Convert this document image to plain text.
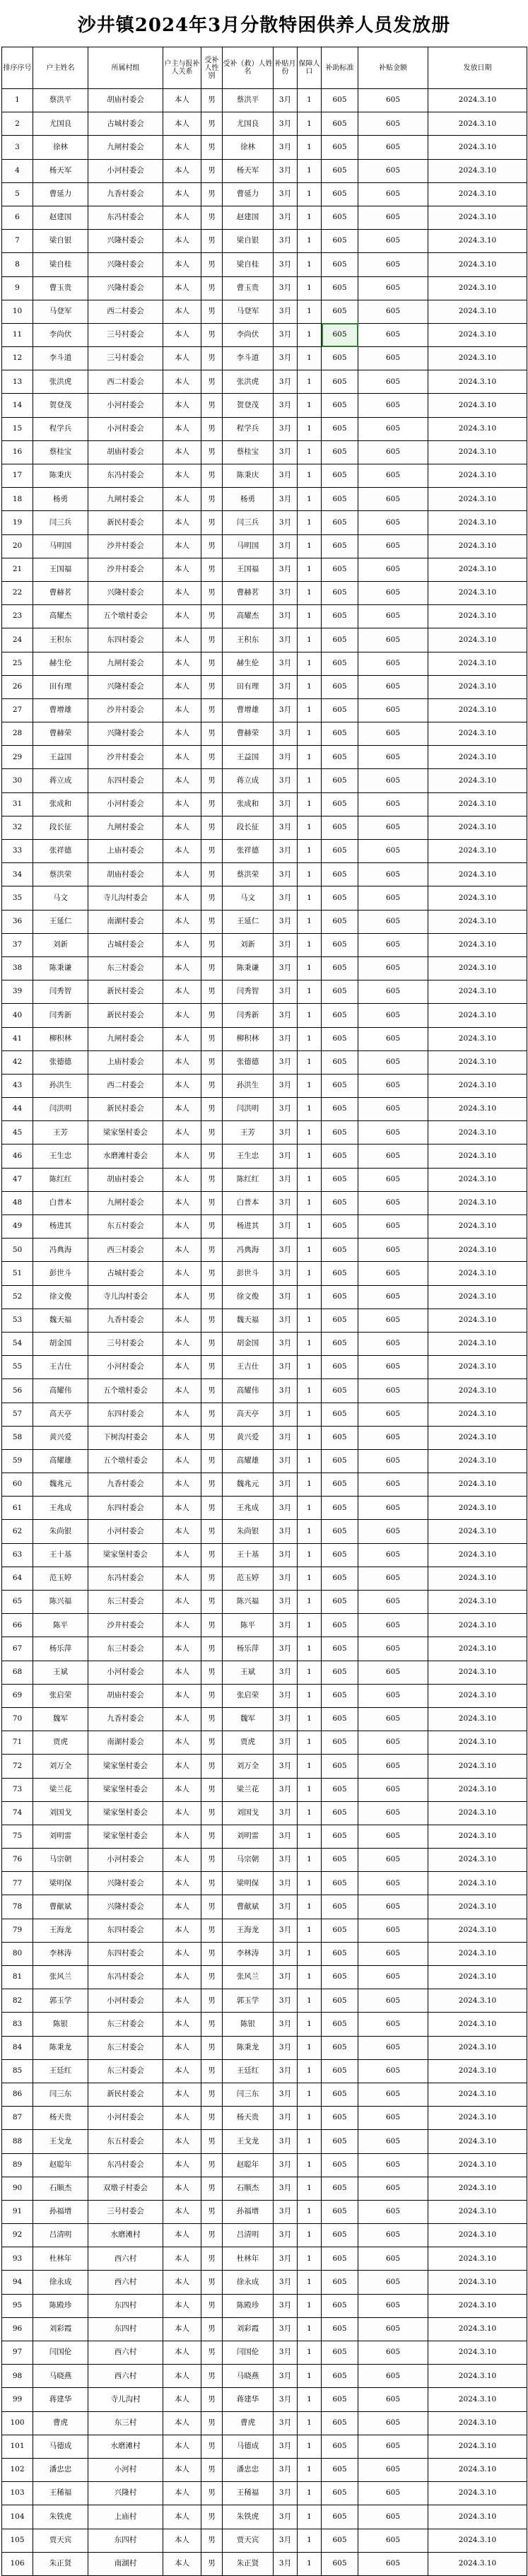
沙井镇2024年3月分散特困供养人员发放册
排序序号	户主姓名	所属村组	户主与报补人关系	受补人性别	受补（救）人姓名	补贴月份	保障人口	补助标准	补贴金额	发放日期
1	蔡洪平	胡庙村委会	本人	男	蔡洪平	3月	1	605	605	2024.3.10
2	尤国良	古城村委会	本人	男	尤国良	3月	1	605	605	2024.3.10
3	徐林	九闸村委会	本人	男	徐林	3月	1	605	605	2024.3.10
4	杨天军	小河村委会	本人	男	杨天军	3月	1	605	605	2024.3.10
5	曹延力	九香村委会	本人	男	曹延力	3月	1	605	605	2024.3.10
6	赵建国	东冯村委会	本人	男	赵建国	3月	1	605	605	2024.3.10
7	梁自银	兴隆村委会	本人	男	梁自银	3月	1	605	605	2024.3.10
8	梁自桂	兴隆村委会	本人	男	梁自桂	3月	1	605	605	2024.3.10
9	曹玉贵	兴隆村委会	本人	男	曹玉贵	3月	1	605	605	2024.3.10
10	马登军	西二村委会	本人	男	马登军	3月	1	605	605	2024.3.10
11	李尚伏	三号村委会	本人	男	李尚伏	3月	1	605	605	2024.3.10
12	李斗道	三号村委会	本人	男	李斗道	3月	1	605	605	2024.3.10
13	张洪虎	西二村委会	本人	男	张洪虎	3月	1	605	605	2024.3.10
14	贺登茂	小河村委会	本人	男	贺登茂	3月	1	605	605	2024.3.10
15	程学兵	小河村委会	本人	男	程学兵	3月	1	605	605	2024.3.10
16	蔡桂宝	胡庙村委会	本人	男	蔡桂宝	3月	1	605	605	2024.3.10
17	陈秉庆	东冯村委会	本人	男	陈秉庆	3月	1	605	605	2024.3.10
18	杨勇	九闸村委会	本人	男	杨勇	3月	1	605	605	2024.3.10
19	闫三兵	新民村委会	本人	男	闫三兵	3月	1	605	605	2024.3.10
20	马明国	沙井村委会	本人	男	马明国	3月	1	605	605	2024.3.10
21	王国福	沙井村委会	本人	男	王国福	3月	1	605	605	2024.3.10
22	曹赫茗	兴隆村委会	本人	男	曹赫茗	3月	1	605	605	2024.3.10
23	高耀杰	五个墩村委会	本人	男	高耀杰	3月	1	605	605	2024.3.10
24	王积东	东四村委会	本人	男	王积东	3月	1	605	605	2024.3.10
25	赫生伦	九闸村委会	本人	男	赫生伦	3月	1	605	605	2024.3.10
26	田有理	兴隆村委会	本人	男	田有理	3月	1	605	605	2024.3.10
27	曹增雄	沙井村委会	本人	男	曹增雄	3月	1	605	605	2024.3.10
28	曹赫荣	兴隆村委会	本人	男	曹赫荣	3月	1	605	605	2024.3.10
29	王益国	沙井村委会	本人	男	王益国	3月	1	605	605	2024.3.10
30	蒋立成	东四村委会	本人	男	蒋立成	3月	1	605	605	2024.3.10
31	张成和	小河村委会	本人	男	张成和	3月	1	605	605	2024.3.10
32	段长征	九闸村委会	本人	男	段长征	3月	1	605	605	2024.3.10
33	张祥德	上庙村委会	本人	男	张祥德	3月	1	605	605	2024.3.10
34	蔡洪荣	胡庙村委会	本人	男	蔡洪荣	3月	1	605	605	2024.3.10
35	马文	寺儿沟村委会	本人	男	马文	3月	1	605	605	2024.3.10
36	王延仁	南湖村委会	本人	男	王延仁	3月	1	605	605	2024.3.10
37	刘新	古城村委会	本人	男	刘新	3月	1	605	605	2024.3.10
38	陈秉谦	东三村委会	本人	男	陈秉谦	3月	1	605	605	2024.3.10
39	闫秀智	新民村委会	本人	男	闫秀智	3月	1	605	605	2024.3.10
40	闫秀新	新民村委会	本人	男	闫秀新	3月	1	605	605	2024.3.10
41	柳积林	九闸村委会	本人	男	柳积林	3月	1	605	605	2024.3.10
42	张德德	上庙村委会	本人	男	张德德	3月	1	605	605	2024.3.10
43	孙洪生	西二村委会	本人	男	孙洪生	3月	1	605	605	2024.3.10
44	闫洪明	新民村委会	本人	男	闫洪明	3月	1	605	605	2024.3.10
45	王芳	梁家堡村委会	本人	男	王芳	3月	1	605	605	2024.3.10
46	王生忠	水磨滩村委会	本人	男	王生忠	3月	1	605	605	2024.3.10
47	陈红红	胡庙村委会	本人	男	陈红红	3月	1	605	605	2024.3.10
48	白普本	九闸村委会	本人	男	白普本	3月	1	605	605	2024.3.10
49	杨进其	东五村委会	本人	男	杨进其	3月	1	605	605	2024.3.10
50	冯典海	西三村委会	本人	男	冯典海	3月	1	605	605	2024.3.10
51	彭世斗	古城村委会	本人	男	彭世斗	3月	1	605	605	2024.3.10
52	徐文俊	寺儿沟村委会	本人	男	徐文俊	3月	1	605	605	2024.3.10
53	魏天福	九香村委会	本人	男	魏天福	3月	1	605	605	2024.3.10
54	胡金国	三号村委会	本人	男	胡金国	3月	1	605	605	2024.3.10
55	王吉仕	小河村委会	本人	男	王吉仕	3月	1	605	605	2024.3.10
56	高耀伟	五个墩村委会	本人	男	高耀伟	3月	1	605	605	2024.3.10
57	高天亭	东四村委会	本人	男	高天亭	3月	1	605	605	2024.3.10
58	黄兴爱	下树沟村委会	本人	男	黄兴爱	3月	1	605	605	2024.3.10
59	高耀雄	五个墩村委会	本人	男	高耀雄	3月	1	605	605	2024.3.10
60	魏兆元	九香村委会	本人	男	魏兆元	3月	1	605	605	2024.3.10
61	王兆成	东四村委会	本人	男	王兆成	3月	1	605	605	2024.3.10
62	朱尚银	小河村委会	本人	男	朱尚银	3月	1	605	605	2024.3.10
63	王十基	梁家堡村委会	本人	男	王十基	3月	1	605	605	2024.3.10
64	范玉婷	东冯村委会	本人	男	范玉婷	3月	1	605	605	2024.3.10
65	陈兴福	东三村委会	本人	男	陈兴福	3月	1	605	605	2024.3.10
66	陈平	沙井村委会	本人	男	陈平	3月	1	605	605	2024.3.10
67	杨乐萍	东三村委会	本人	男	杨乐萍	3月	1	605	605	2024.3.10
68	王斌	小河村委会	本人	男	王斌	3月	1	605	605	2024.3.10
69	张启荣	胡庙村委会	本人	男	张启荣	3月	1	605	605	2024.3.10
70	魏军	九香村委会	本人	男	魏军	3月	1	605	605	2024.3.10
71	贾虎	南湖村委会	本人	男	贾虎	3月	1	605	605	2024.3.10
72	刘万全	梁家堡村委会	本人	男	刘万全	3月	1	605	605	2024.3.10
73	梁兰花	梁家堡村委会	本人	男	梁兰花	3月	1	605	605	2024.3.10
74	刘国戈	梁家堡村委会	本人	男	刘国戈	3月	1	605	605	2024.3.10
75	刘明雷	梁家堡村委会	本人	男	刘明雷	3月	1	605	605	2024.3.10
76	马宗朝	小河村委会	本人	男	马宗朝	3月	1	605	605	2024.3.10
77	梁明保	兴隆村委会	本人	男	梁明保	3月	1	605	605	2024.3.10
78	曹献斌	兴隆村委会	本人	男	曹献斌	3月	1	605	605	2024.3.10
79	王海龙	东四村委会	本人	男	王海龙	3月	1	605	605	2024.3.10
80	李林涛	东四村委会	本人	男	李林涛	3月	1	605	605	2024.3.10
81	张风兰	东冯村委会	本人	男	张风兰	3月	1	605	605	2024.3.10
82	郭玉学	小河村委会	本人	男	郭玉学	3月	1	605	605	2024.3.10
83	陈银	东三村委会	本人	男	陈银	3月	1	605	605	2024.3.10
84	陈秉龙	东三村委会	本人	男	陈秉龙	3月	1	605	605	2024.3.10
85	王廷红	东三村委会	本人	男	王廷红	3月	1	605	605	2024.3.10
86	闫三东	新民村委会	本人	男	闫三东	3月	1	605	605	2024.3.10
87	杨天贵	小河村委会	本人	男	杨天贵	3月	1	605	605	2024.3.10
88	王戈龙	东五村委会	本人	男	王戈龙	3月	1	605	605	2024.3.10
89	赵聪年	东冯村委会	本人	男	赵聪年	3月	1	605	605	2024.3.10
90	石顺杰	双墩子村委会	本人	男	石顺杰	3月	1	605	605	2024.3.10
91	孙福增	三号村委会	本人	男	孙福增	3月	1	605	605	2024.3.10
92	吕清明	水磨滩村	本人	男	吕清明	3月	1	605	605	2024.3.10
93	杜林年	西六村	本人	男	杜林年	3月	1	605	605	2024.3.10
94	徐永成	西六村	本人	男	徐永成	3月	1	605	605	2024.3.10
95	陈殿珍	东四村	本人	男	陈殿珍	3月	1	605	605	2024.3.10
96	刘彩霞	东四村	本人	男	刘彩霞	3月	1	605	605	2024.3.10
97	闫国伦	西六村	本人	男	闫国伦	3月	1	605	605	2024.3.10
98	马晓燕	西六村	本人	男	马晓燕	3月	1	605	605	2024.3.10
99	蒋建华	寺儿沟村	本人	男	蒋建华	3月	1	605	605	2024.3.10
100	曹虎	东三村	本人	男	曹虎	3月	1	605	605	2024.3.10
101	马德成	水磨滩村	本人	男	马德成	3月	1	605	605	2024.3.10
102	潘忠忠	小河村	本人	男	潘忠忠	3月	1	605	605	2024.3.10
103	王稀福	兴隆村	本人	男	王稀福	3月	1	605	605	2024.3.10
104	朱铁虎	上庙村	本人	男	朱铁虎	3月	1	605	605	2024.3.10
105	贾天宾	东四村	本人	男	贾天宾	3月	1	605	605	2024.3.10
106	朱正贤	南湖村	本人	男	朱正贤	3月	1	605	605	2024.3.10
